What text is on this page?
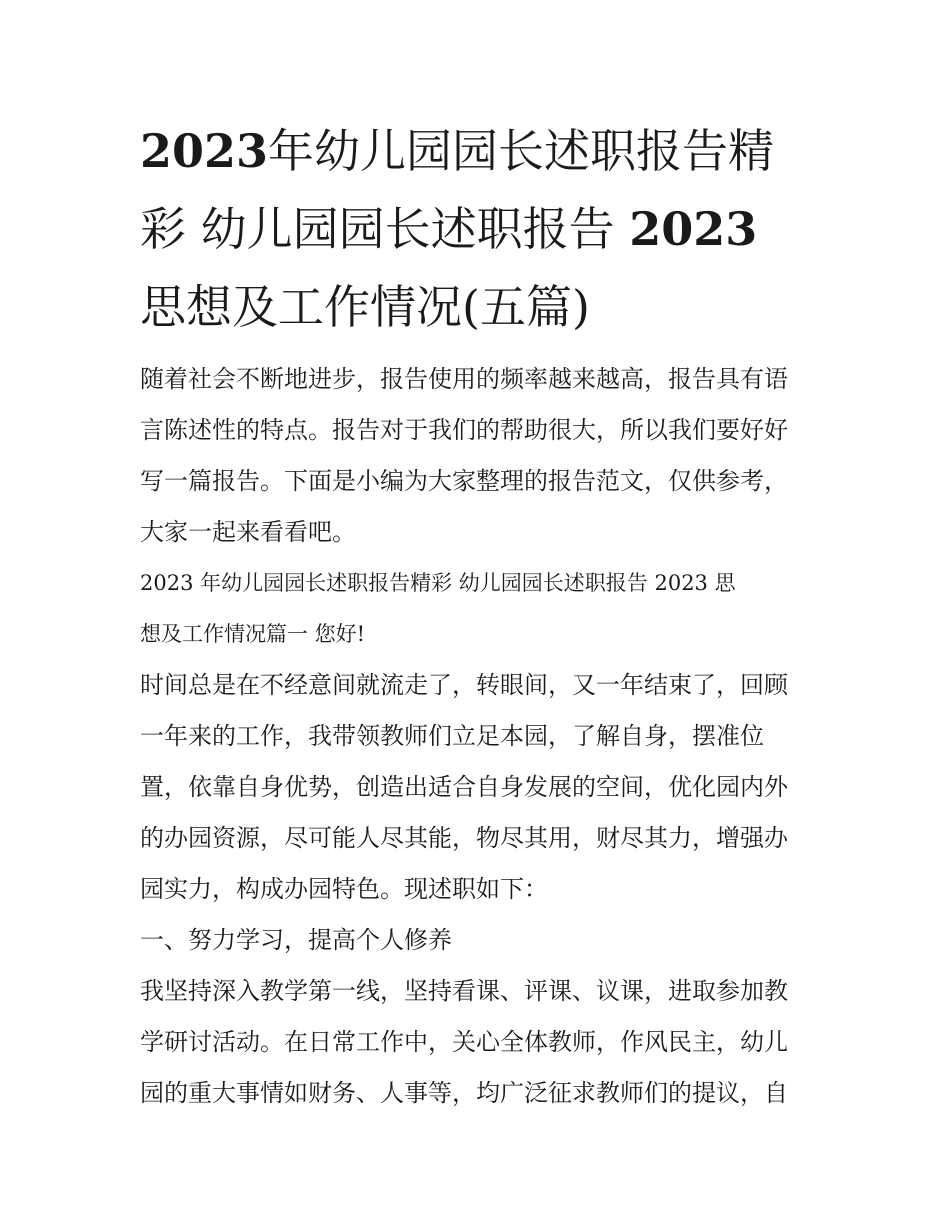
2023年幼儿园园长述职报告精
彩 幼儿园园长述职报告 2023
思想及工作情况(五篇)

随着社会不断地进步，报告使用的频率越来越高，报告具有语
言陈述性的特点。报告对于我们的帮助很大，所以我们要好好
写一篇报告。下面是小编为大家整理的报告范文，仅供参考，
大家一起来看看吧。

2023 年幼儿园园长述职报告精彩 幼儿园园长述职报告 2023 思
想及工作情况篇一 您好!

时间总是在不经意间就流走了，转眼间，又一年结束了，回顾
一年来的工作，我带领教师们立足本园，了解自身，摆准位
置，依靠自身优势，创造出适合自身发展的空间，优化园内外
的办园资源，尽可能人尽其能，物尽其用，财尽其力，增强办
园实力，构成办园特色。现述职如下：

一、努力学习，提高个人修养

我坚持深入教学第一线，坚持看课、评课、议课，进取参加教
学研讨活动。在日常工作中，关心全体教师，作风民主，幼儿
园的重大事情如财务、人事等，均广泛征求教师们的提议，自
